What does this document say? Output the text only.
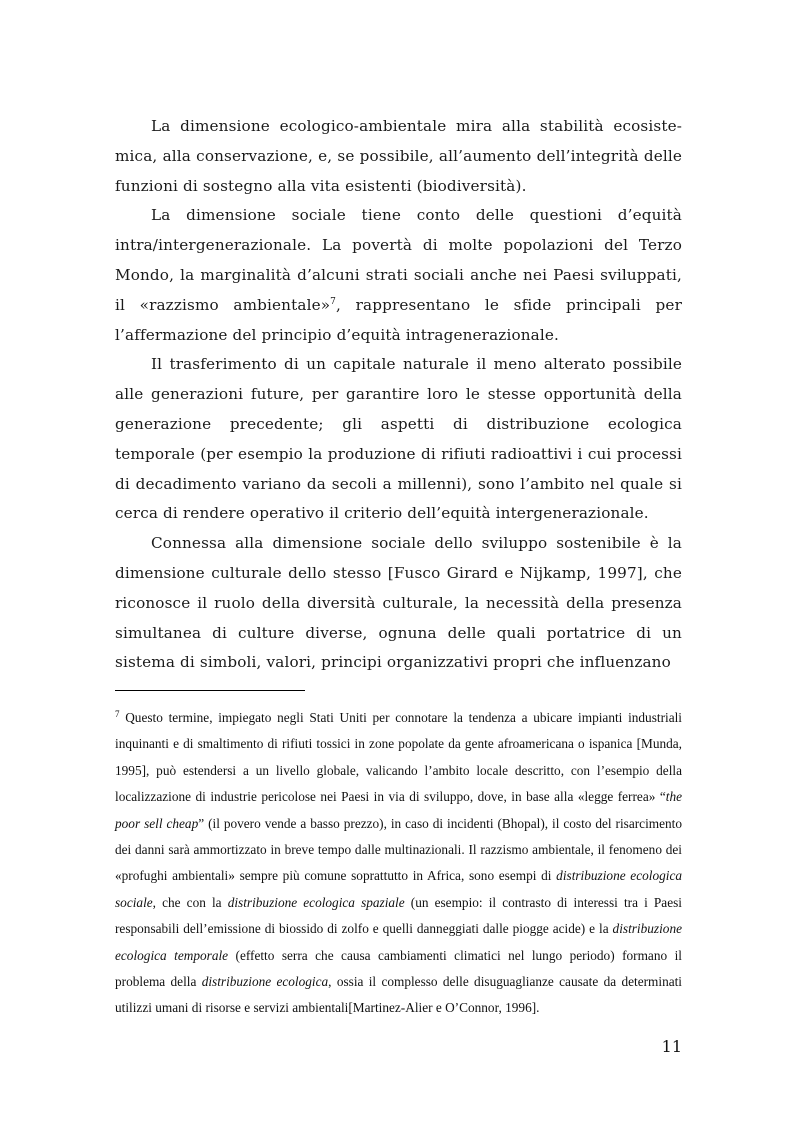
La dimensione ecologico-ambientale mira alla stabilità ecosiste-mica, alla conservazione, e, se possibile, all’aumento dell’integrità delle funzioni di sostegno alla vita esistenti (biodiversità).

La dimensione sociale tiene conto delle questioni d’equità intra/intergenerazionale. La povertà di molte popolazioni del Terzo Mondo, la marginalità d’alcuni strati sociali anche nei Paesi sviluppati, il «razzismo ambientale»$^7$, rappresentano le sfide principali per l’affermazione del principio d’equità intragenerazionale.

Il trasferimento di un capitale naturale il meno alterato possibile alle generazioni future, per garantire loro le stesse opportunità della generazione precedente; gli aspetti di distribuzione ecologica temporale (per esempio la produzione di rifiuti radioattivi i cui processi di decadimento variano da secoli a millenni), sono l’ambito nel quale si cerca di rendere operativo il criterio dell’equità intergenerazionale.

Connessa alla dimensione sociale dello sviluppo sostenibile è la dimensione culturale dello stesso [Fusco Girard e Nijkamp, 1997], che riconosce il ruolo della diversità culturale, la necessità della presenza simultanea di culture diverse, ognuna delle quali portatrice di un sistema di simboli, valori, principi organizzativi propri che influenzano

$^7$ Questo termine, impiegato negli Stati Uniti per connotare la tendenza a ubicare impianti industriali inquinanti e di smaltimento di rifiuti tossici in zone popolate da gente afroamericana o ispanica [Munda, 1995], può estendersi a un livello globale, valicando l’ambito locale descritto, con l’esempio della localizzazione di industrie pericolose nei Paesi in via di sviluppo, dove, in base alla «legge ferrea» “the poor sell cheap” (il povero vende a basso prezzo), in caso di incidenti (Bhopal), il costo del risarcimento dei danni sarà ammortizzato in breve tempo dalle multinazionali. Il razzismo ambientale, il fenomeno dei «profughi ambientali» sempre più comune soprattutto in Africa, sono esempi di distribuzione ecologica sociale, che con la distribuzione ecologica spaziale (un esempio: il contrasto di interessi tra i Paesi responsabili dell’emissione di biossido di zolfo e quelli danneggiati dalle piogge acide) e la distribuzione ecologica temporale (effetto serra che causa cambiamenti climatici nel lungo periodo) formano il problema della distribuzione ecologica, ossia il complesso delle disuguaglianze causate da determinati utilizzi umani di risorse e servizi ambientali[Martinez-Alier e O’Connor, 1996].
11
